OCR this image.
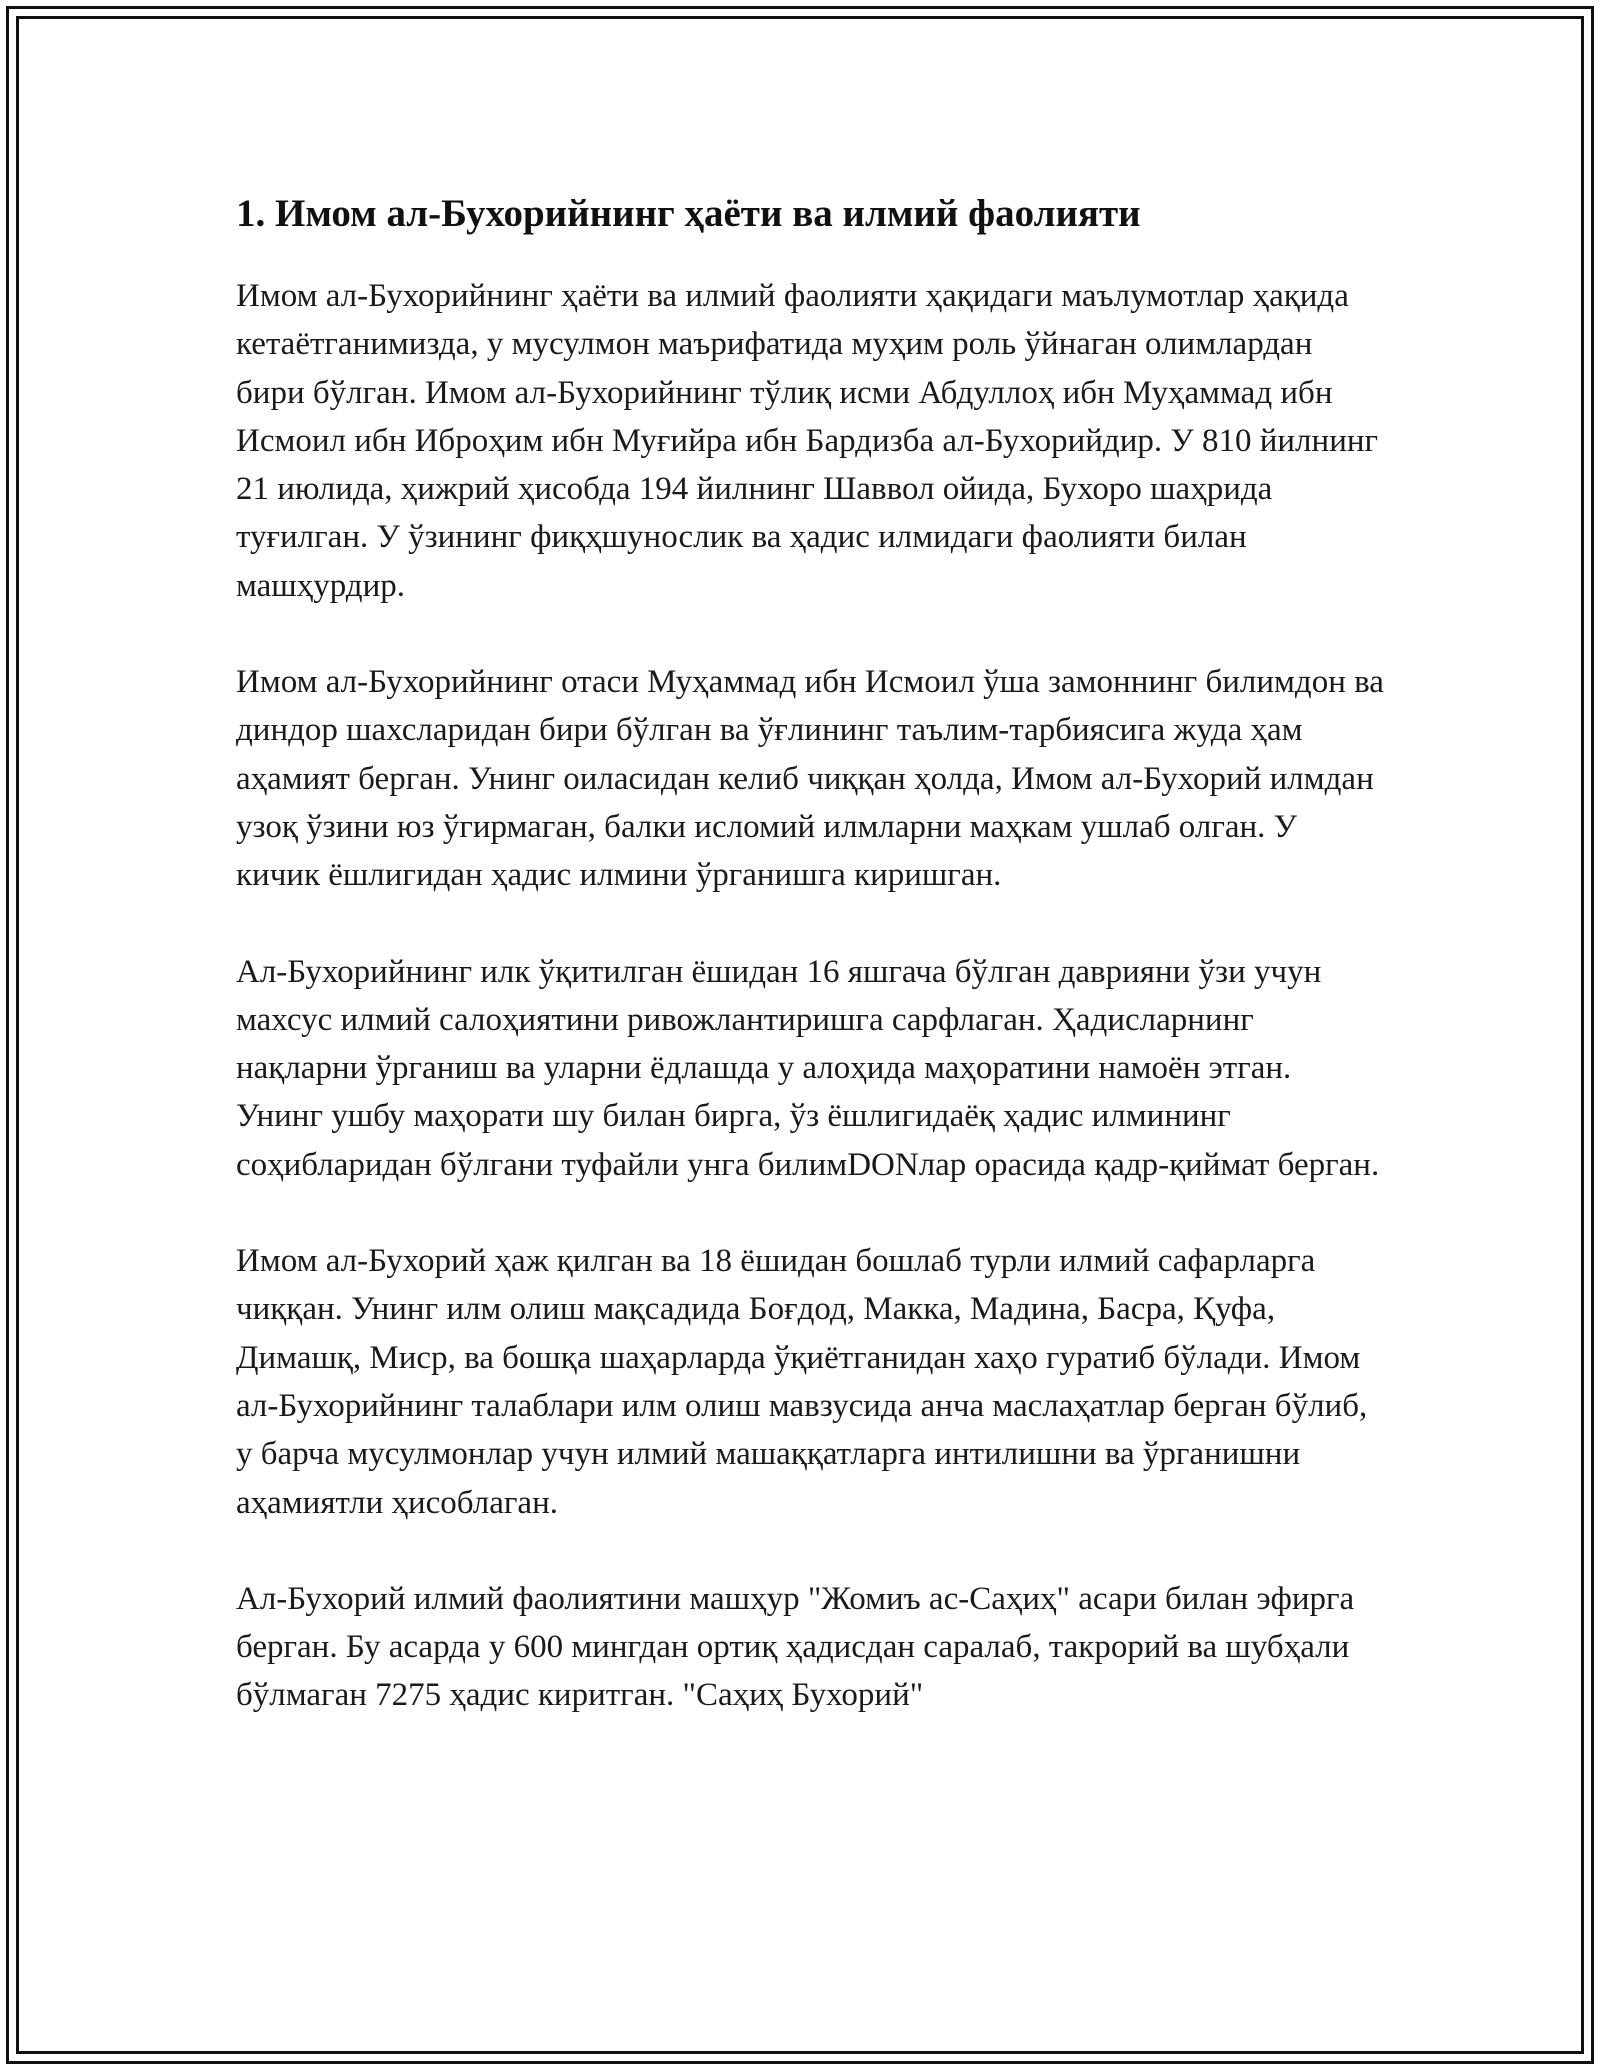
1. Имом ал-Бухорийнинг ҳаёти ва илмий фаолияти

Имом ал-Бухорийнинг ҳаёти ва илмий фаолияти ҳақидаги маълумотлар ҳақида кетаётганимизда, у мусулмон маърифатида муҳим роль ўйнаган олимлардан бири бўлган. Имом ал-Бухорийнинг тўлиқ исми Абдуллоҳ ибн Муҳаммад ибн Исмоил ибн Иброҳим ибн Муғийра ибн Бардизба ал-Бухорийдир. У 810 йилнинг 21 июлида, ҳижрий ҳисобда 194 йилнинг Шаввол ойида, Бухоро шаҳрида туғилган. У ўзининг фиқҳшунослик ва ҳадис илмидаги фаолияти билан машҳурдир.

Имом ал-Бухорийнинг отаси Муҳаммад ибн Исмоил ўша замоннинг билимдон ва диндор шахсларидан бири бўлган ва ўғлининг таълим-тарбиясига жуда ҳам аҳамият берган. Унинг оиласидан келиб чиққан ҳолда, Имом ал-Бухорий илмдан узоқ ўзини юз ўгирмаган, балки исломий илмларни маҳкам ушлаб олган. У кичик ёшлигидан ҳадис илмини ўрганишга киришган.

Ал-Бухорийнинг илк ўқитилган ёшидан 16 яшгача бўлган даврияни ўзи учун махсус илмий салоҳиятини ривожлантиришга сарфлаган. Ҳадисларнинг нақларни ўрганиш ва уларни ёдлашда у алоҳида маҳоратини намоён этган. Унинг ушбу маҳорати шу билан бирга, ўз ёшлигидаёқ ҳадис илмининг соҳибларидан бўлгани туфайли унга билимDONлар орасида қадр-қиймат берган.

Имом ал-Бухорий ҳаж қилган ва 18 ёшидан бошлаб турли илмий сафарларга чиққан. Унинг илм олиш мақсадида Боғдод, Макка, Мадина, Басра, Қуфа, Димашқ, Миср, ва бошқа шаҳарларда ўқиётганидан хаҳо гуратиб бўлади. Имом ал-Бухорийнинг талаблари илм олиш мавзусида анча маслаҳатлар берган бўлиб, у барча мусулмонлар учун илмий машаққатларга интилишни ва ўрганишни аҳамиятли ҳисоблаган.

Ал-Бухорий илмий фаолиятини машҳур "Жомиъ ас-Саҳиҳ" асари билан эфирга берган. Бу асарда у 600 мингдан ортиқ ҳадисдан саралаб, такрорий ва шубҳали бўлмаган 7275 ҳадис киритган. "Саҳиҳ Бухорий"
